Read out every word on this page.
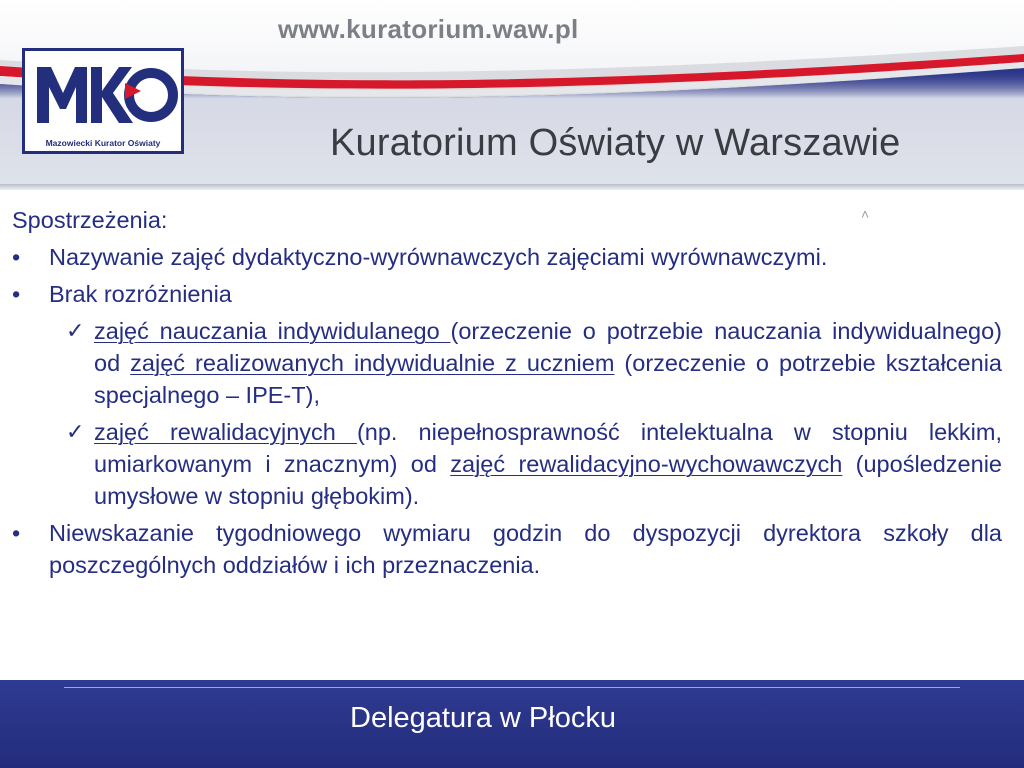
www.kuratorium.waw.pl
Mazowiecki Kurator Oświaty	Kuratorium Oświaty w Warszawie
˄

Spostrzeżenia:

• Nazywanie zajęć dydaktyczno-wyrównawczych zajęciami wyrównawczymi.

• Brak rozróżnienia

✓ zajęć nauczania indywidulanego (orzeczenie o potrzebie nauczania indywidualnego) od zajęć realizowanych indywidualnie z uczniem (orzeczenie o potrzebie kształcenia specjalnego – IPE-T),

✓ zajęć rewalidacyjnych (np. niepełnosprawność intelektualna w stopniu lekkim, umiarkowanym i znacznym) od zajęć rewalidacyjno-wychowawczych (upośledzenie umysłowe w stopniu głębokim).

• Niewskazanie tygodniowego wymiaru godzin do dyspozycji dyrektora szkoły dla poszczególnych oddziałów i ich przeznaczenia.

Delegatura w Płocku
